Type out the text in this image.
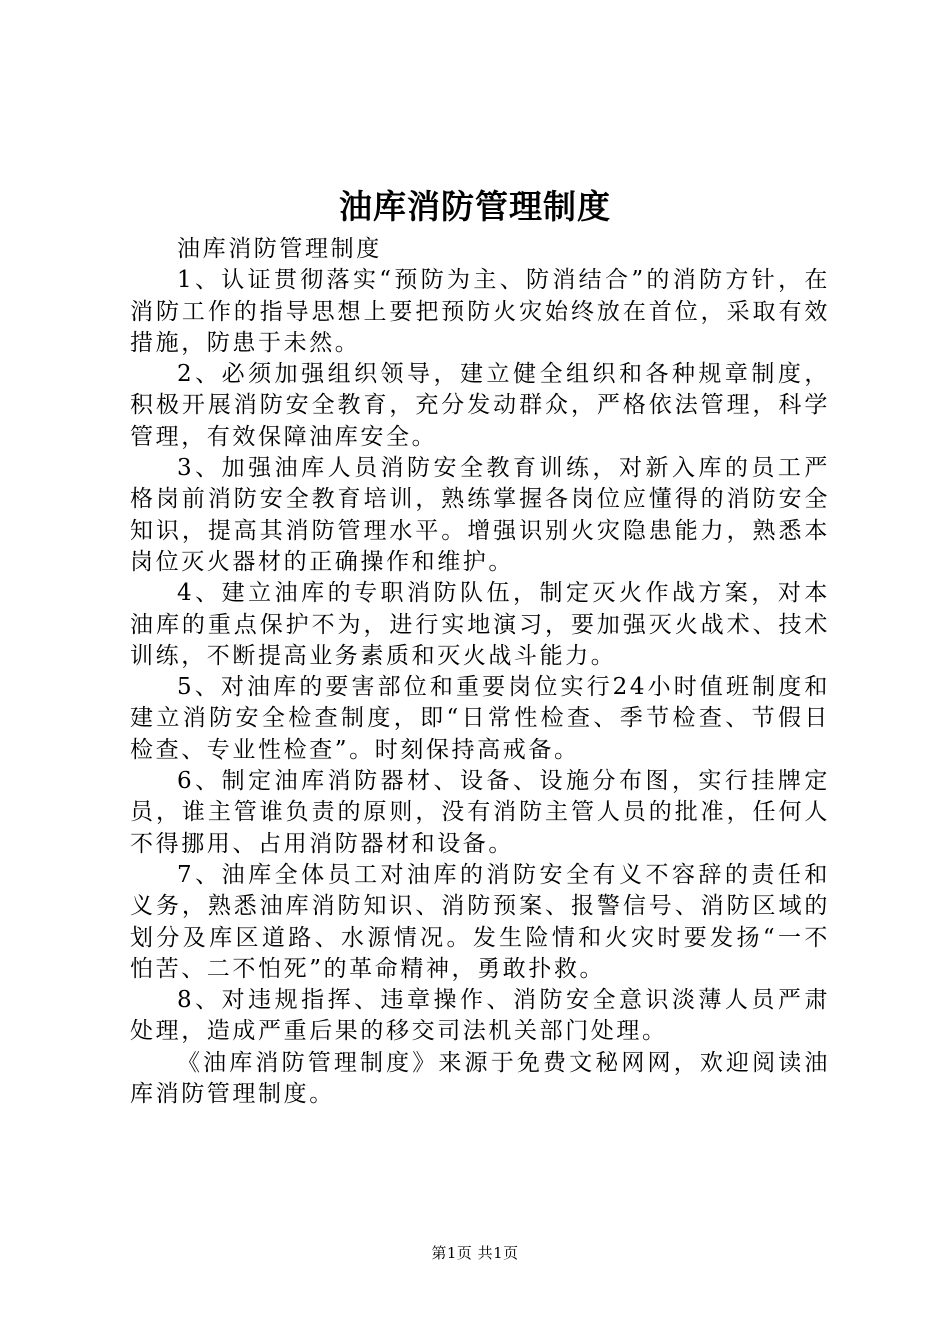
油库消防管理制度

油库消防管理制度

1、认证贯彻落实“预防为主、防消结合”的消防方针，在消防工作的指导思想上要把预防火灾始终放在首位，采取有效措施，防患于未然。

2、必须加强组织领导，建立健全组织和各种规章制度，积极开展消防安全教育，充分发动群众，严格依法管理，科学管理，有效保障油库安全。

3、加强油库人员消防安全教育训练，对新入库的员工严格岗前消防安全教育培训，熟练掌握各岗位应懂得的消防安全知识，提高其消防管理水平。增强识别火灾隐患能力，熟悉本岗位灭火器材的正确操作和维护。

4、建立油库的专职消防队伍，制定灭火作战方案，对本油库的重点保护不为，进行实地演习，要加强灭火战术、技术训练，不断提高业务素质和灭火战斗能力。

5、对油库的要害部位和重要岗位实行24小时值班制度和建立消防安全检查制度，即“日常性检查、季节检查、节假日检查、专业性检查”。时刻保持高戒备。

6、制定油库消防器材、设备、设施分布图，实行挂牌定员，谁主管谁负责的原则，没有消防主管人员的批准，任何人不得挪用、占用消防器材和设备。

7、油库全体员工对油库的消防安全有义不容辞的责任和义务，熟悉油库消防知识、消防预案、报警信号、消防区域的划分及库区道路、水源情况。发生险情和火灾时要发扬“一不怕苦、二不怕死”的革命精神，勇敢扑救。

8、对违规指挥、违章操作、消防安全意识淡薄人员严肃处理，造成严重后果的移交司法机关部门处理。

《油库消防管理制度》来源于免费文秘网网，欢迎阅读油库消防管理制度。

第1页 共1页
